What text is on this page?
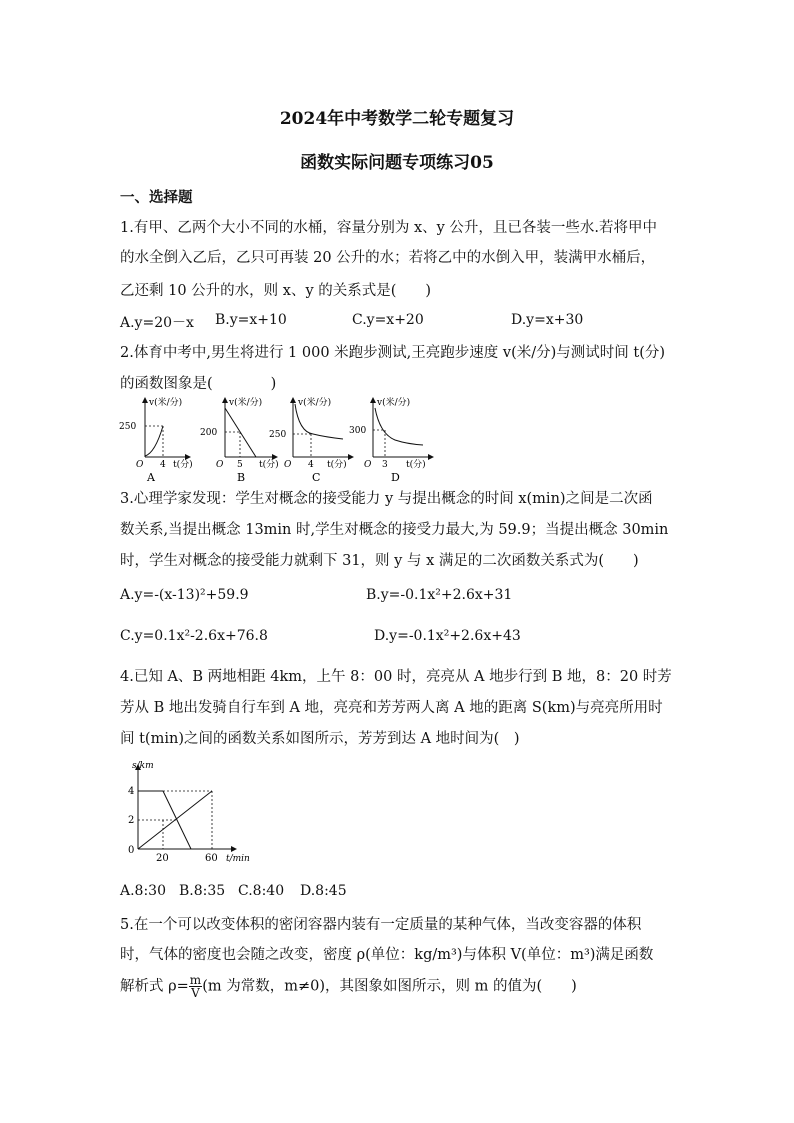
2024年中考数学二轮专题复习
函数实际问题专项练习05
一、选择题
1.有甲、乙两个大小不同的水桶，容量分别为 x、y 公升，且已各装一些水.若将甲中
的水全倒入乙后，乙只可再装 20 公升的水；若将乙中的水倒入甲，装满甲水桶后，
乙还剩 10 公升的水，则 x、y 的关系式是(　　)
A.y=20－x B.y=x+10	C.y=x+20	D.y=x+30
2.体育中考中,男生将进行 1 000 米跑步测试,王亮跑步速度 v(米/分)与测试时间 t(分)
的函数图象是(　　　　)
v(米/分)
250
O 4 t(分)
A
v(米/分)
200
O 5 t(分)
B
v(米/分)
250
O 4 t(分)
C
v(米/分)
300
O 3 t(分)
D
3.心理学家发现：学生对概念的接受能力 y 与提出概念的时间 x(min)之间是二次函
数关系,当提出概念 13min 时,学生对概念的接受力最大,为 59.9；当提出概念 30min
时，学生对概念的接受能力就剩下 31，则 y 与 x 满足的二次函数关系式为(　　)
A.y=-(x-13)²+59.9	B.y=-0.1x²+2.6x+31
C.y=0.1x²-2.6x+76.8	D.y=-0.1x²+2.6x+43
4.已知 A、B 两地相距 4km，上午 8：00 时，亮亮从 A 地步行到 B 地，8：20 时芳
芳从 B 地出发骑自行车到 A 地，亮亮和芳芳两人离 A 地的距离 S(km)与亮亮所用时
间 t(min)之间的函数关系如图所示，芳芳到达 A 地时间为(　)
s/km
4
2
0
20	60 t/min
A.8:30 B.8:35 C.8:40 D.8:45
5.在一个可以改变体积的密闭容器内装有一定质量的某种气体，当改变容器的体积
时，气体的密度也会随之改变，密度 ρ(单位：kg/m³)与体积 V(单位：m³)满足函数
解析式 $\rho= \frac{m}{V} (m$ 为常数，m≠0)，其图象如图所示，则 m 的值为(　　)
